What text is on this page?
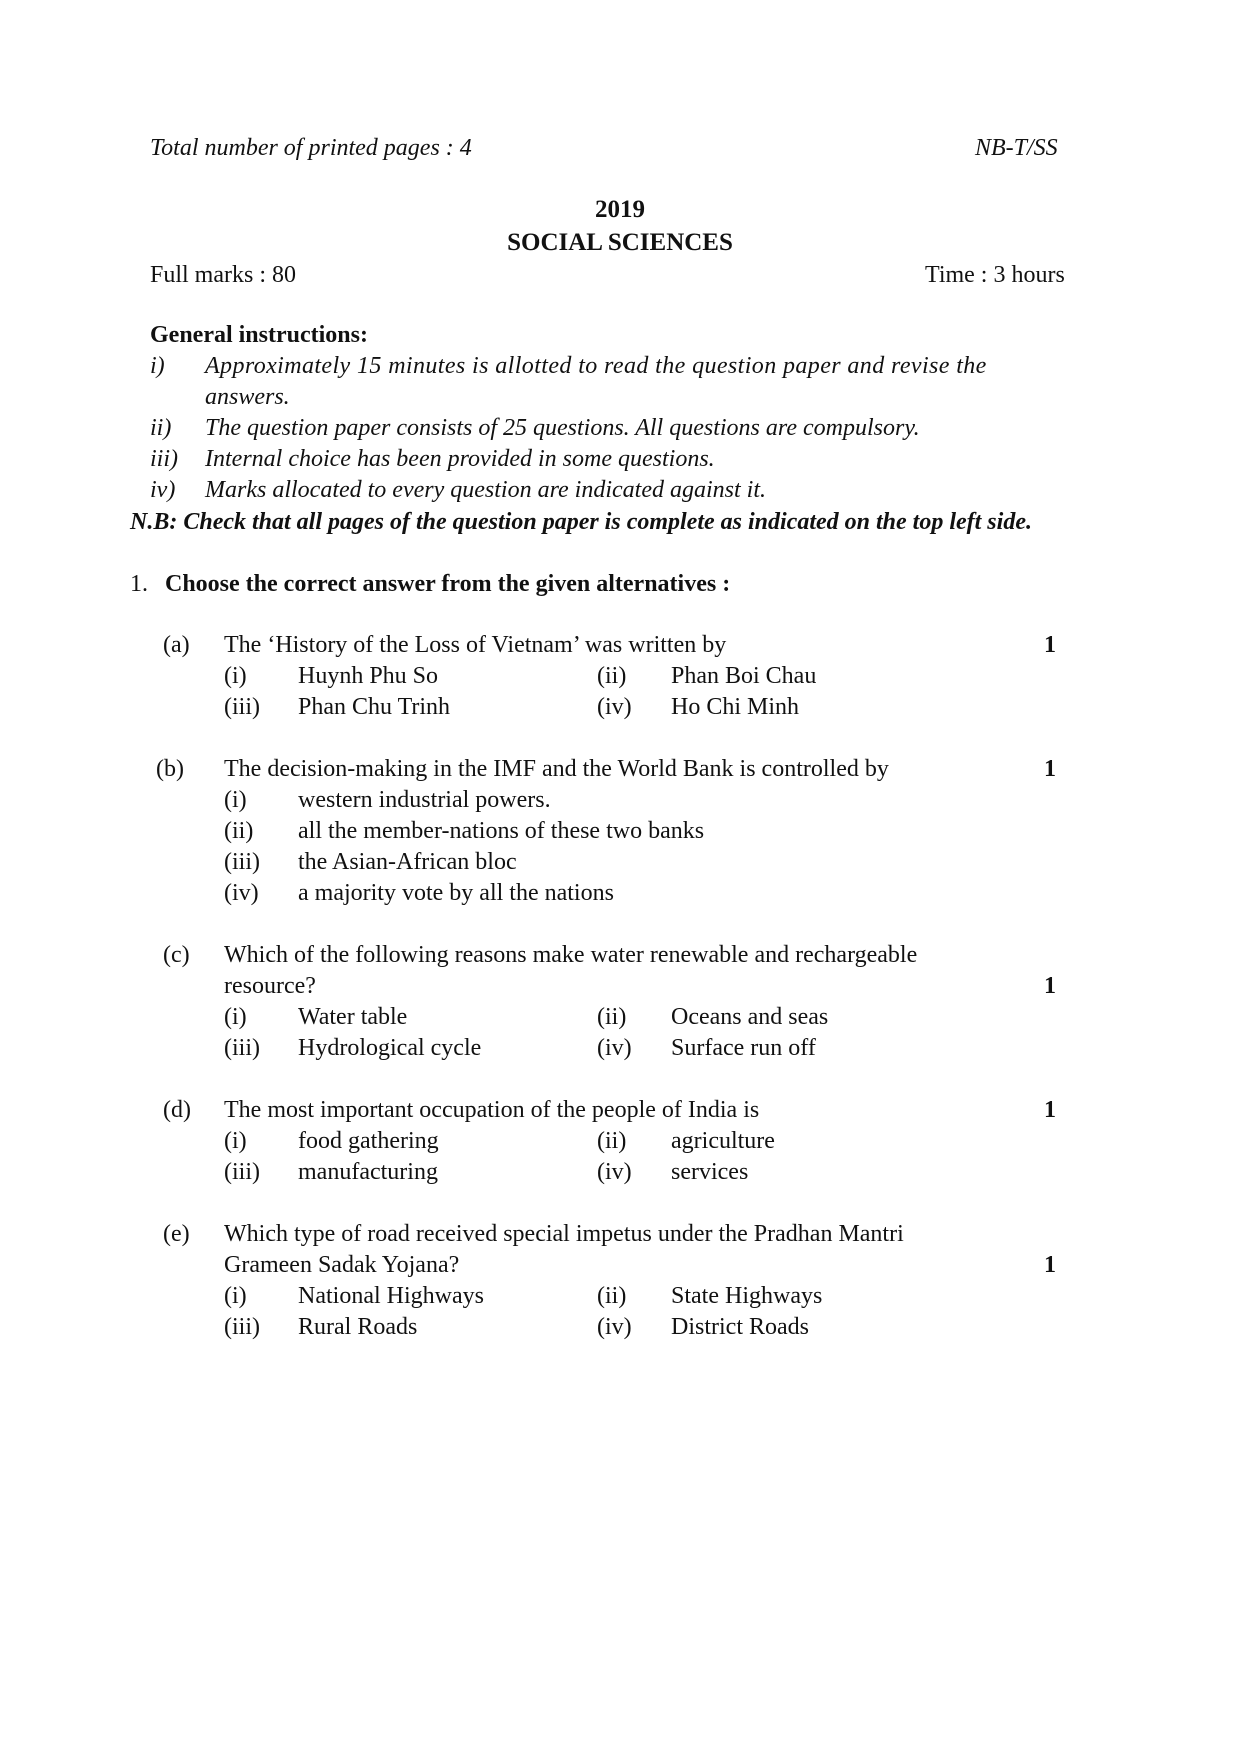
Total number of printed pages : 4	NB-T/SS
2019
SOCIAL SCIENCES
Full marks : 80	Time : 3 hours
General instructions:
i) Approximately 15 minutes is allotted to read the question paper and revise the
answers.
ii) The question paper consists of 25 questions. All questions are compulsory.
iii) Internal choice has been provided in some questions.
iv) Marks allocated to every question are indicated against it.
N.B: Check that all pages of the question paper is complete as indicated on the top left side.
1. Choose the correct answer from the given alternatives :
(a) The ‘History of the Loss of Vietnam’ was written by	1
(i) Huynh Phu So	(ii) Phan Boi Chau
(iii) Phan Chu Trinh	(iv) Ho Chi Minh
(b) The decision-making in the IMF and the World Bank is controlled by	1
(i) western industrial powers.
(ii) all the member-nations of these two banks
(iii) the Asian-African bloc
(iv) a majority vote by all the nations
(c) Which of the following reasons make water renewable and rechargeable
resource?	1
(i) Water table	(ii) Oceans and seas
(iii) Hydrological cycle	(iv) Surface run off
(d) The most important occupation of the people of India is	1
(i) food gathering	(ii) agriculture
(iii) manufacturing	(iv) services
(e) Which type of road received special impetus under the Pradhan Mantri
Grameen Sadak Yojana?	1
(i) National Highways	(ii) State Highways
(iii) Rural Roads	(iv) District Roads
